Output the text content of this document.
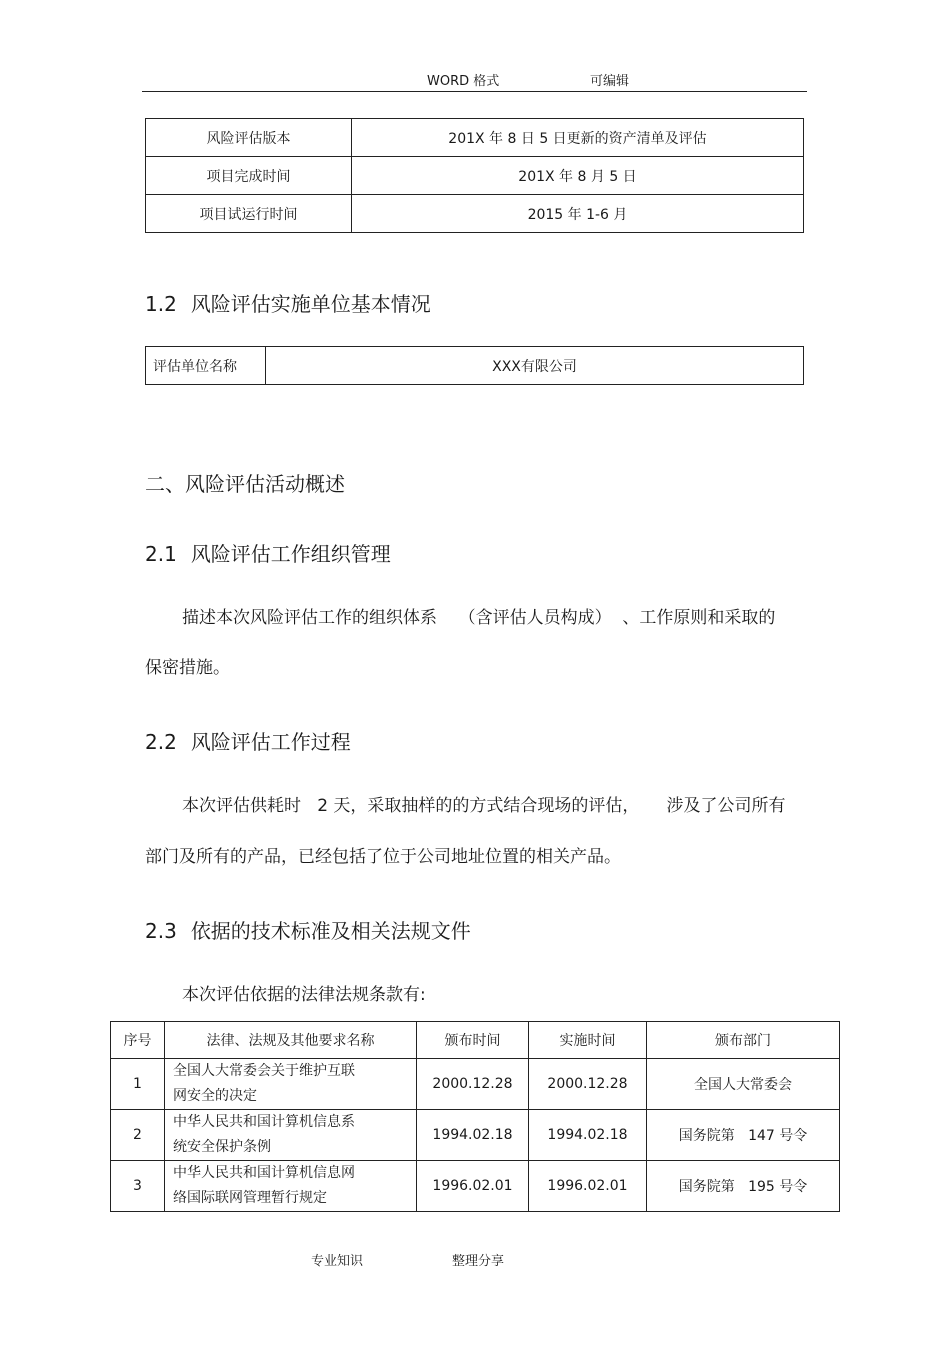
WORD 格式	可编辑
风险评估版本	201X 年 8 日 5 日更新的资产清单及评估
项目完成时间	201X 年 8 月 5 日
项目试运行时间	2015 年 1-6 月
1.2 风险评估实施单位基本情况
评估单位名称	XXX有限公司
二、风险评估活动概述
2.1 风险评估工作组织管理
描述本次风险评估工作的组织体系    （含评估人员构成）  、工作原则和采取的
保密措施。
2.2 风险评估工作过程
本次评估供耗时   2 天，采取抽样的的方式结合现场的评估，     涉及了公司所有
部门及所有的产品，已经包括了位于公司地址位置的相关产品。
2.3 依据的技术标准及相关法规文件
本次评估依据的法律法规条款有:
序号	法律、法规及其他要求名称	颁布时间	实施时间	颁布部门
1	全国人大常委会关于维护互联
网安全的决定	2000.12.28	2000.12.28	全国人大常委会
2	中华人民共和国计算机信息系
统安全保护条例	1994.02.18	1994.02.18	国务院第   147 号令
3	中华人民共和国计算机信息网
络国际联网管理暂行规定	1996.02.01	1996.02.01	国务院第   195 号令
专业知识	整理分享
